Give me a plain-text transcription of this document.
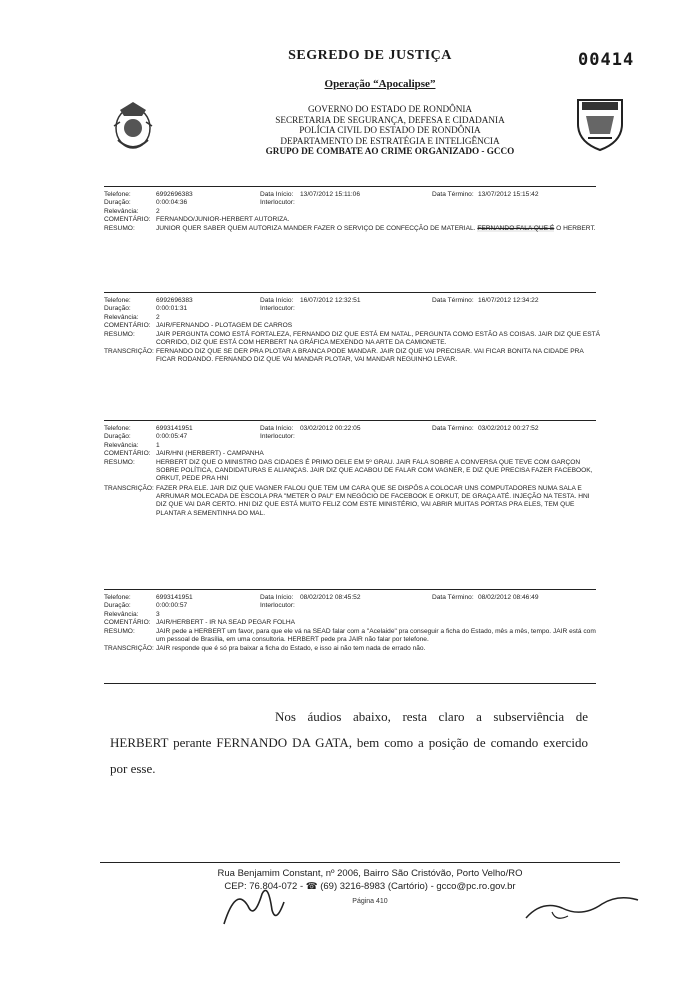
SEGREDO DE JUSTIÇA	00414
Operação “Apocalipse”
GOVERNO DO ESTADO DE RONDÔNIA
SECRETARIA DE SEGURANÇA, DEFESA E CIDADANIA
POLÍCIA CIVIL DO ESTADO DE RONDÔNIA
DEPARTAMENTO DE ESTRATÉGIA E INTELIGÊNCIA
GRUPO DE COMBATE AO CRIME ORGANIZADO - GCCO
Telefone:	6992696383	Data Início: 13/07/2012 15:11:06	Data Término: 13/07/2012 15:15:42
Duração:	0:00:04:36	Interlocutor:
Relevância:	2
COMENTÁRIO: FERNANDO/JUNIOR-HERBERT AUTORIZA.
RESUMO:	JUNIOR QUER SABER QUEM AUTORIZA MANDER FAZER O SERVIÇO DE CONFECÇÃO DE MATERIAL. FERNANDO FALA QUE É O HERBERT.
Telefone:	6992696383	Data Início: 16/07/2012 12:32:51	Data Término: 16/07/2012 12:34:22
Duração:	0:00:01:31	Interlocutor:
Relevância:	2
COMENTÁRIO: JAIR/FERNANDO - PLOTAGEM DE CARROS
RESUMO:	JAIR PERGUNTA COMO ESTÁ FORTALEZA, FERNANDO DIZ QUE ESTÁ EM NATAL, PERGUNTA COMO ESTÃO AS COISAS. JAIR DIZ QUE ESTÁ CORRIDO, DIZ QUE ESTÁ COM HERBERT NA GRÁFICA MEXENDO NA ARTE DA CAMIONETE.
TRANSCRIÇÃO: FERNANDO DIZ QUE SE DER PRA PLOTAR A BRANCA PODE MANDAR. JAIR DIZ QUE VAI PRECISAR. VAI FICAR BONITA NA CIDADE PRA FICAR RODANDO. FERNANDO DIZ QUE VAI MANDAR PLOTAR, VAI MANDAR NEGUINHO LEVAR.
Telefone:	6993141951	Data Início: 03/02/2012 00:22:05	Data Término: 03/02/2012 00:27:52
Duração:	0:00:05:47	Interlocutor:
Relevância:	1
COMENTÁRIO: JAIR/HNI (HERBERT) - CAMPANHA
RESUMO:	HERBERT DIZ QUE O MINISTRO DAS CIDADES É PRIMO DELE EM 5º GRAU. JAIR FALA SOBRE A CONVERSA QUE TEVE COM GARÇON SOBRE POLÍTICA, CANDIDATURAS E ALIANÇAS. JAIR DIZ QUE ACABOU DE FALAR COM VAGNER, E DIZ QUE PRECISA FAZER FACEBOOK, ORKUT, PEDE PRA HNI
TRANSCRIÇÃO: FAZER PRA ELE. JAIR DIZ QUE VAGNER FALOU QUE TEM UM CARA QUE SE DISPÔS A COLOCAR UNS COMPUTADORES NUMA SALA E ARRUMAR MOLECADA DE ESCOLA PRA "METER O PAU" EM NEGÓCIO DE FACEBOOK E ORKUT, DE GRAÇA ATÉ. INJEÇÃO NA TESTA. HNI DIZ QUE VAI DAR CERTO. HNI DIZ QUE ESTÁ MUITO FELIZ COM ESTE MINISTÉRIO, VAI ABRIR MUITAS PORTAS PRA ELES, TEM QUE PLANTAR A SEMENTINHA DO MAL.
Telefone:	6993141951	Data Início: 08/02/2012 08:45:52	Data Término: 08/02/2012 08:46:49
Duração:	0:00:00:57	Interlocutor:
Relevância:	3
COMENTÁRIO: JAIR/HERBERT - IR NA SEAD PEGAR FOLHA
RESUMO:	JAIR pede a HERBERT um favor, para que ele vá na SEAD falar com a "Acelaide" pra conseguir a ficha do Estado, mês a mês, tempo. JAIR está com um pessoal de Brasília, em uma consultoria. HERBERT pede pra JAIR não falar por telefone.
TRANSCRIÇÃO: JAIR responde que é só pra baixar a ficha do Estado, e isso ai não tem nada de errado não.
Nos áudios abaixo, resta claro a subserviência de HERBERT perante FERNANDO DA GATA, bem como a posição de comando exercido por esse.
Rua Benjamim Constant, nº 2006, Bairro São Cristóvão, Porto Velho/RO
CEP: 76.804-072 - ☎ (69) 3216-8983 (Cartório) - gcco@pc.ro.gov.br
Página 410
